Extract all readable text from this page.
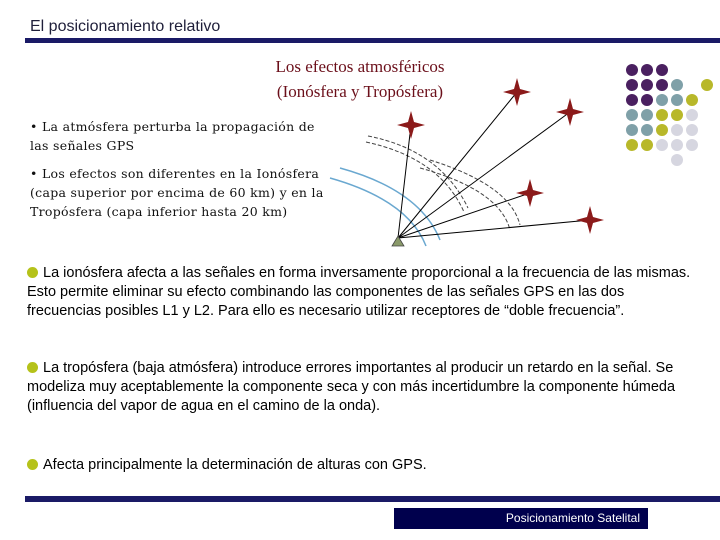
El posicionamiento relativo
Los efectos atmosféricos
(Ionósfera y Tropósfera)
• La atmósfera perturba la propagación de las señales GPS
• Los efectos son diferentes en la Ionósfera (capa superior por encima de 60 km) y en la Tropósfera (capa inferior hasta 20 km)
La ionósfera afecta a las señales en forma inversamente proporcional a la frecuencia de las mismas. Esto permite eliminar su efecto combinando las componentes de las señales GPS en las dos frecuencias posibles L1 y L2. Para ello es necesario utilizar receptores de “doble frecuencia”.
La tropósfera (baja atmósfera) introduce errores importantes al producir un retardo en la señal. Se modeliza muy aceptablemente la componente seca y con más incertidumbre la componente húmeda (influencia del vapor de agua en el camino de la onda).
Afecta principalmente la determinación de alturas con GPS.
Posicionamiento Satelital
